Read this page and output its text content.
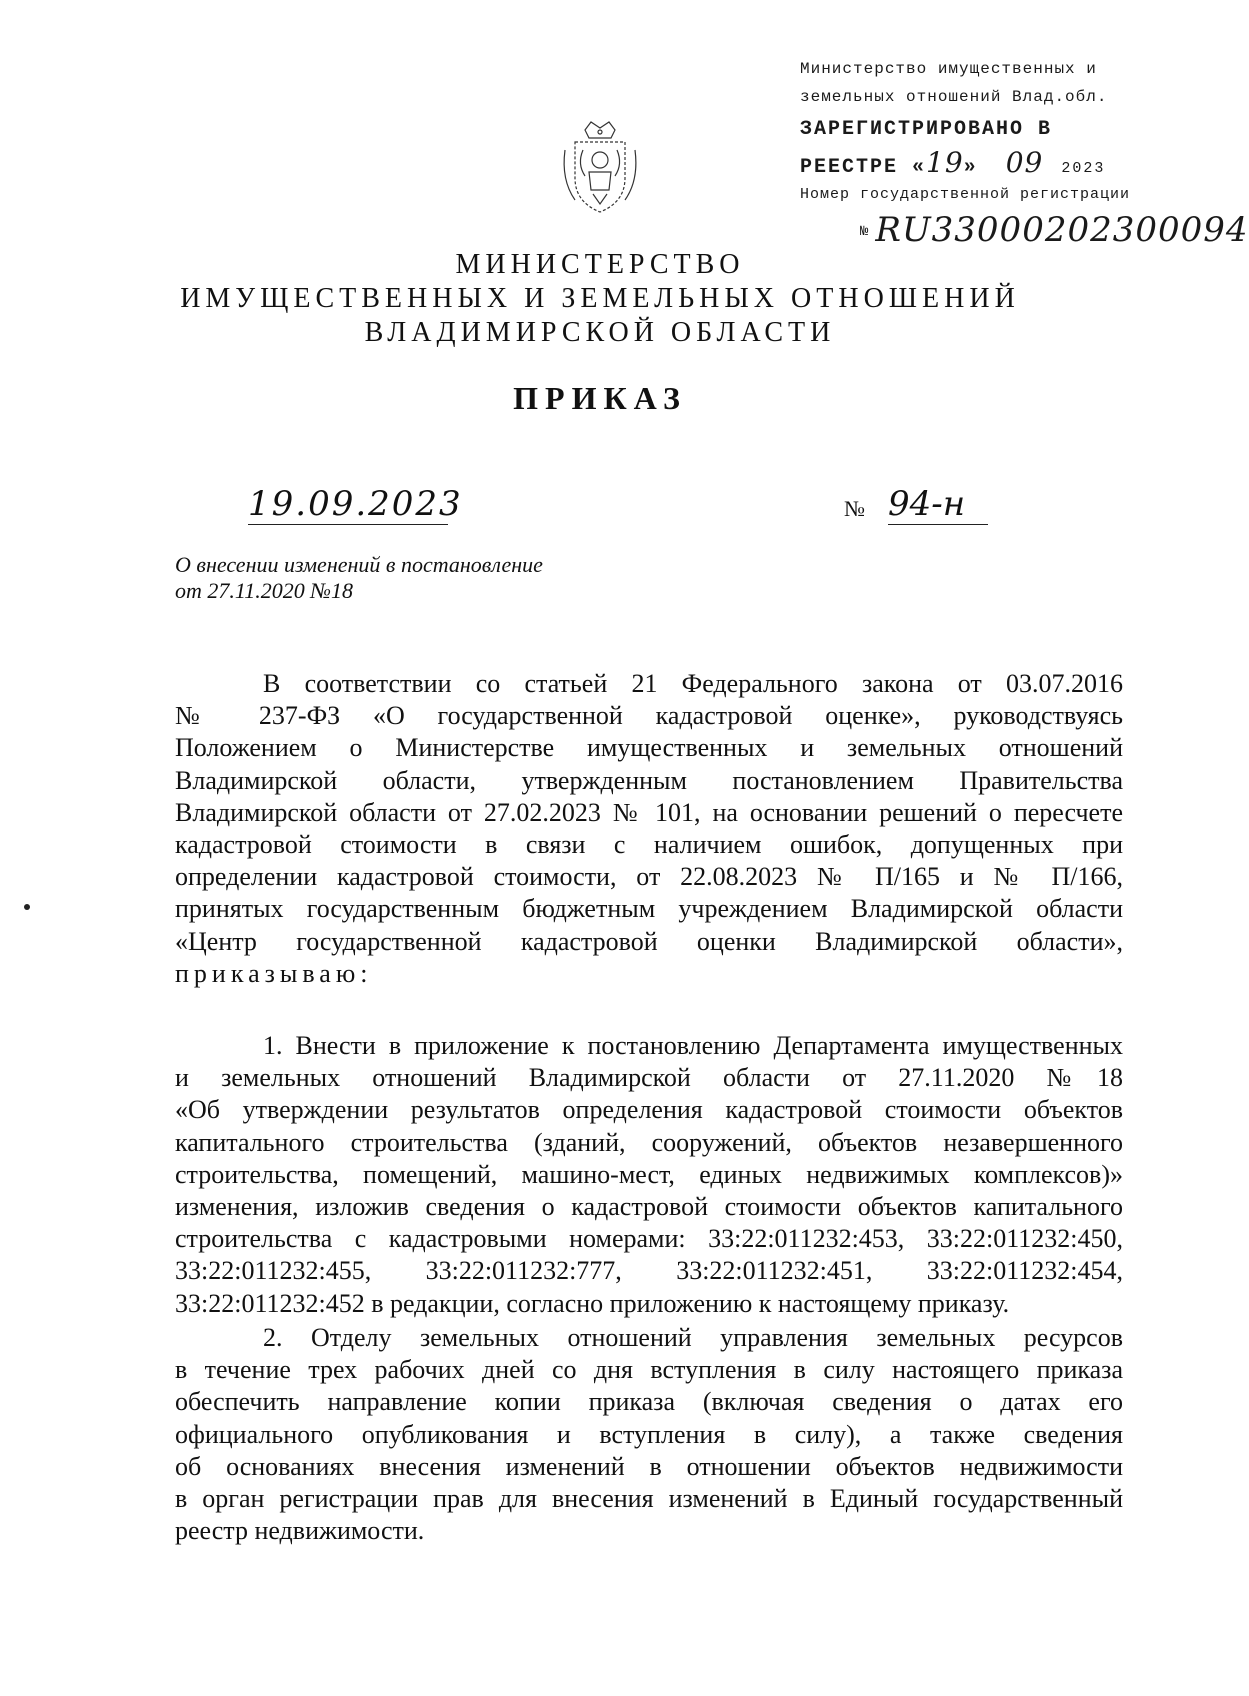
Министерство имущественных и
земельных отношений Влад.обл.
ЗАРЕГИСТРИРОВАНО В
РЕЕСТРЕ «19» 09 2023
Номер государственной регистрации
№ RU33000202300094
МИНИСТЕРСТВО
ИМУЩЕСТВЕННЫХ И ЗЕМЕЛЬНЫХ ОТНОШЕНИЙ
ВЛАДИМИРСКОЙ ОБЛАСТИ
ПРИКАЗ
19.09.2023	№ 94-н
О внесении изменений в постановление
от 27.11.2020 №18
В соответствии со статьей 21 Федерального закона от 03.07.2016
№ 237-ФЗ «О государственной кадастровой оценке», руководствуясь
Положением о Министерстве имущественных и земельных отношений
Владимирской области, утвержденным постановлением Правительства
Владимирской области от 27.02.2023 № 101, на основании решений о пересчете
кадастровой стоимости в связи с наличием ошибок, допущенных при
определении кадастровой стоимости, от 22.08.2023 № П/165 и № П/166,
принятых государственным бюджетным учреждением Владимирской области
«Центр государственной кадастровой оценки Владимирской области»,
приказываю:
1. Внести в приложение к постановлению Департамента имущественных
и земельных отношений Владимирской области от 27.11.2020 №18
«Об утверждении результатов определения кадастровой стоимости объектов
капитального строительства (зданий, сооружений, объектов незавершенного
строительства, помещений, машино-мест, единых недвижимых комплексов)»
изменения, изложив сведения о кадастровой стоимости объектов капитального
строительства с кадастровыми номерами: 33:22:011232:453, 33:22:011232:450,
33:22:011232:455, 33:22:011232:777, 33:22:011232:451, 33:22:011232:454,
33:22:011232:452 в редакции, согласно приложению к настоящему приказу.
2. Отделу земельных отношений управления земельных ресурсов
в течение трех рабочих дней со дня вступления в силу настоящего приказа
обеспечить направление копии приказа (включая сведения о датах его
официального опубликования и вступления в силу), а также сведения
об основаниях внесения изменений в отношении объектов недвижимости
в орган регистрации прав для внесения изменений в Единый государственный
реестр недвижимости.
